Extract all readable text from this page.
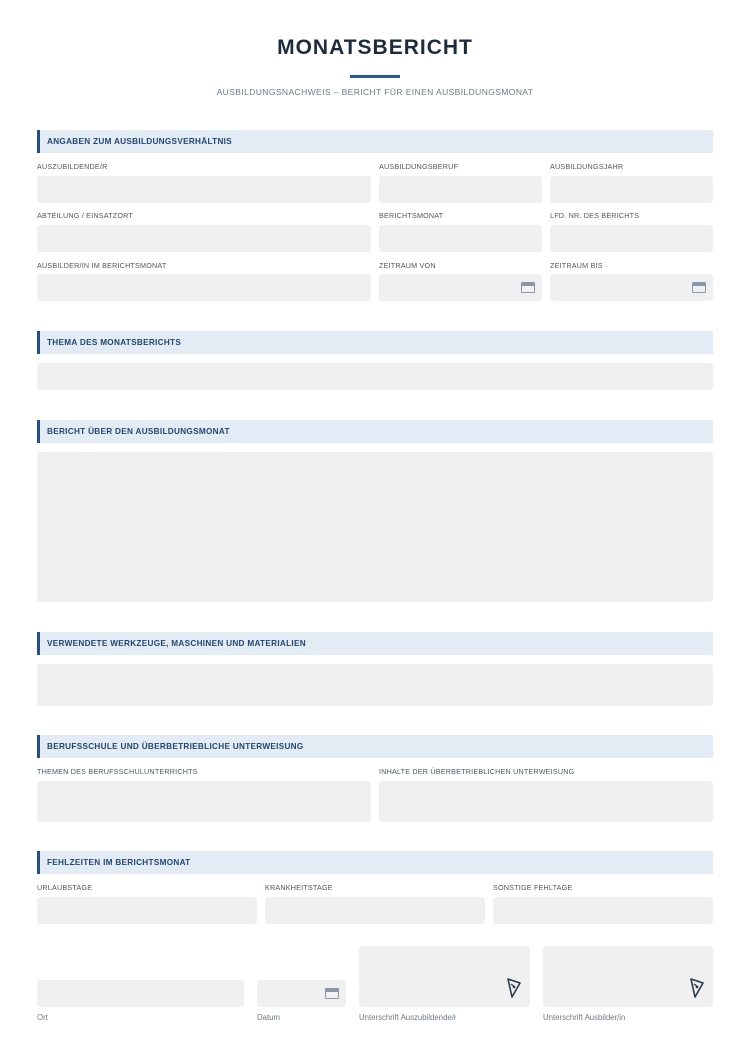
MONATSBERICHT
AUSBILDUNGSNACHWEIS – BERICHT FÜR EINEN AUSBILDUNGSMONAT
ANGABEN ZUM AUSBILDUNGSVERHÄLTNIS
AUSZUBILDENDE/R	AUSBILDUNGSBERUF	AUSBILDUNGSJAHR
ABTEILUNG / EINSATZORT	BERICHTSMONAT	LFD. NR. DES BERICHTS
AUSBILDER/IN IM BERICHTSMONAT	ZEITRAUM VON	ZEITRAUM BIS
THEMA DES MONATSBERICHTS
BERICHT ÜBER DEN AUSBILDUNGSMONAT
VERWENDETE WERKZEUGE, MASCHINEN UND MATERIALIEN
BERUFSSCHULE UND ÜBERBETRIEBLICHE UNTERWEISUNG
THEMEN DES BERUFSSCHULUNTERRICHTS	INHALTE DER ÜBERBETRIEBLICHEN UNTERWEISUNG
FEHLZEITEN IM BERICHTSMONAT
URLAUBSTAGE	KRANKHEITSTAGE	SONSTIGE FEHLTAGE
Ort	Datum	Unterschrift Auszubildende/r	Unterschrift Ausbilder/in
